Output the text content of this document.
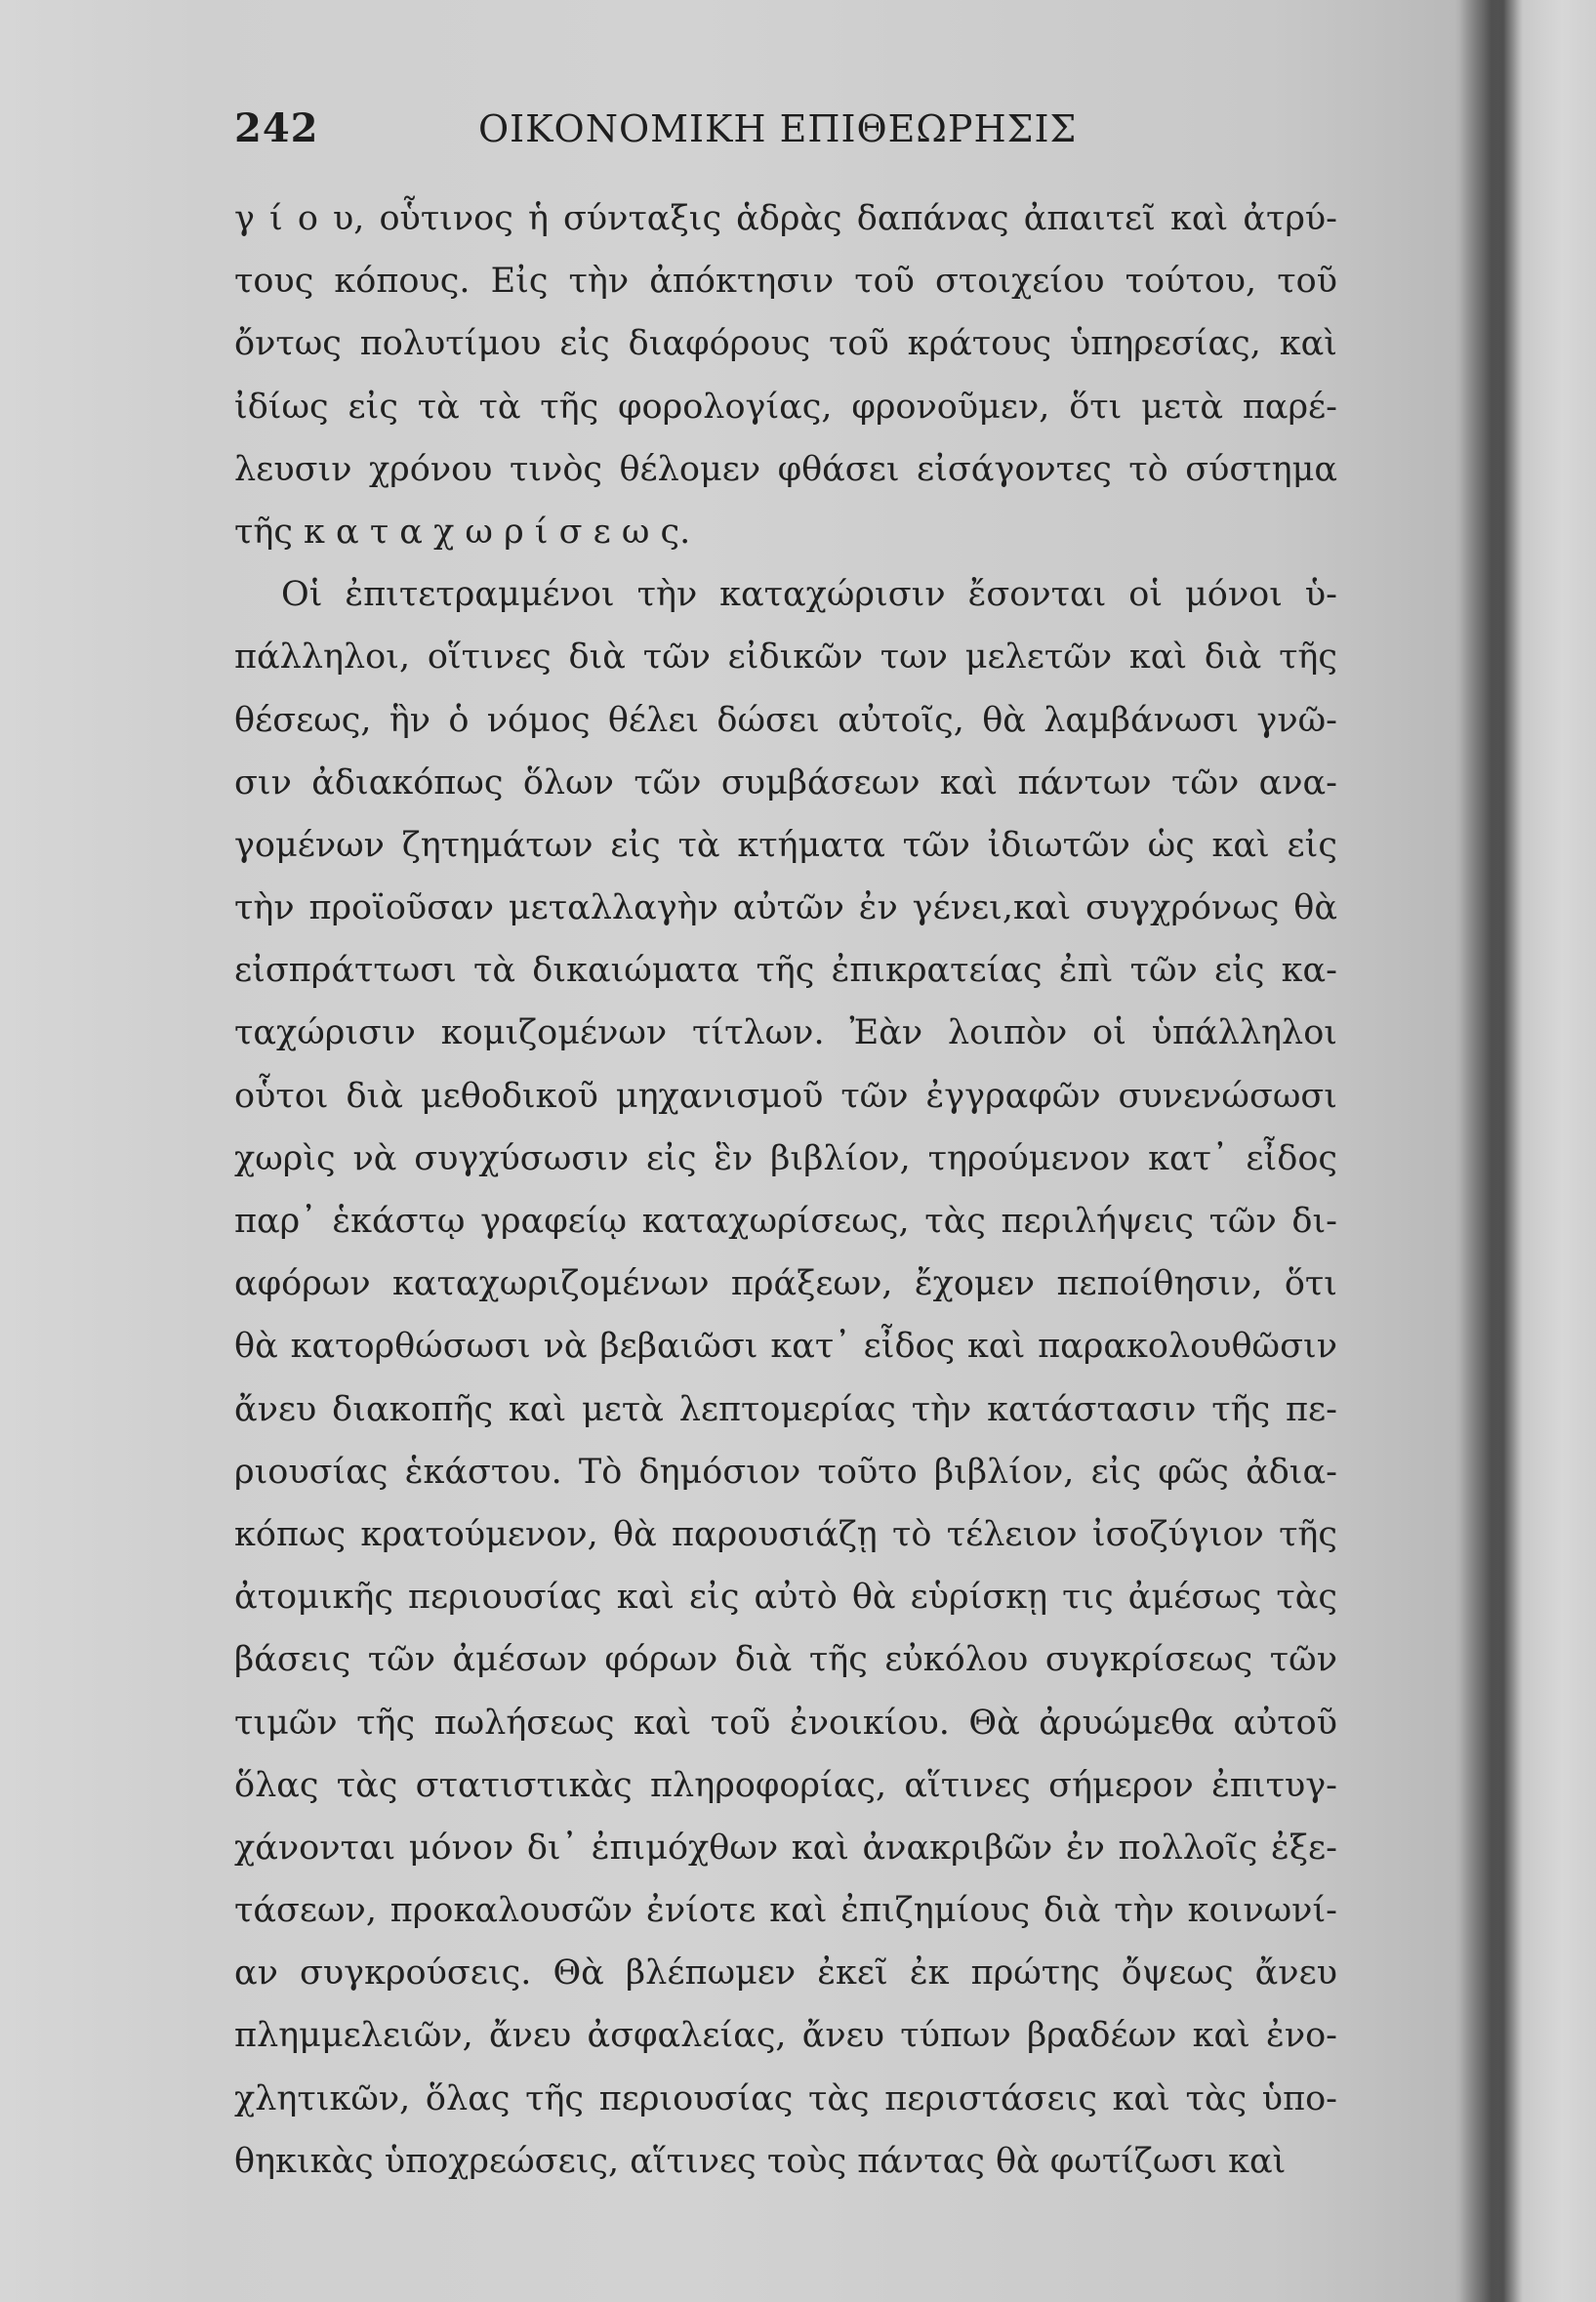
242	ΟΙΚΟΝΟΜΙΚΗ ΕΠΙΘΕΩΡΗΣΙΣ
γ ί ο υ, οὗτινος ἡ σύνταξις ἁδρὰς δαπάνας ἀπαιτεῖ καὶ ἀτρύ-
τους κόπους. Εἰς τὴν ἀπόκτησιν τοῦ στοιχείου τούτου, τοῦ
ὄντως πολυτίμου εἰς διαφόρους τοῦ κράτους ὑπηρεσίας, καὶ
ἰδίως εἰς τὰ τὰ τῆς φορολογίας, φρονοῦμεν, ὅτι μετὰ παρέ-
λευσιν χρόνου τινὸς θέλομεν φθάσει εἰσάγοντες τὸ σύστημα
τῆς κ α τ α χ ω ρ ί σ ε ω ς.
Οἱ ἐπιτετραμμένοι τὴν καταχώρισιν ἔσονται οἱ μόνοι ὑ-
πάλληλοι, οἵτινες διὰ τῶν εἰδικῶν των μελετῶν καὶ διὰ τῆς
θέσεως, ἣν ὁ νόμος θέλει δώσει αὐτοῖς, θὰ λαμβάνωσι γνῶ-
σιν ἀδιακόπως ὅλων τῶν συμβάσεων καὶ πάντων τῶν ανα-
γομένων ζητημάτων εἰς τὰ κτήματα τῶν ἰδιωτῶν ὡς καὶ εἰς
τὴν προϊοῦσαν μεταλλαγὴν αὐτῶν ἐν γένει,καὶ συγχρόνως θὰ
εἰσπράττωσι τὰ δικαιώματα τῆς ἐπικρατείας ἐπὶ τῶν εἰς κα-
ταχώρισιν κομιζομένων τίτλων. Ἐὰν λοιπὸν οἱ ὑπάλληλοι
οὗτοι διὰ μεθοδικοῦ μηχανισμοῦ τῶν ἐγγραφῶν συνενώσωσι
χωρὶς νὰ συγχύσωσιν εἰς ἓν βιβλίον, τηρούμενον κατ᾿ εἶδος
παρ᾿ ἑκάστῳ γραφείῳ καταχωρίσεως, τὰς περιλήψεις τῶν δι-
αφόρων καταχωριζομένων πράξεων, ἔχομεν πεποίθησιν, ὅτι
θὰ κατορθώσωσι νὰ βεβαιῶσι κατ᾿ εἶδος καὶ παρακολουθῶσιν
ἄνευ διακοπῆς καὶ μετὰ λεπτομερίας τὴν κατάστασιν τῆς πε-
ριουσίας ἑκάστου. Τὸ δημόσιον τοῦτο βιβλίον, εἰς φῶς ἀδια-
κόπως κρατούμενον, θὰ παρουσιάζῃ τὸ τέλειον ἰσοζύγιον τῆς
ἀτομικῆς περιουσίας καὶ εἰς αὐτὸ θὰ εὑρίσκῃ τις ἀμέσως τὰς
βάσεις τῶν ἀμέσων φόρων διὰ τῆς εὐκόλου συγκρίσεως τῶν
τιμῶν τῆς πωλήσεως καὶ τοῦ ἐνοικίου. Θὰ ἀρυώμεθα αὐτοῦ
ὅλας τὰς στατιστικὰς πληροφορίας, αἵτινες σήμερον ἐπιτυγ-
χάνονται μόνον δι᾿ ἐπιμόχθων καὶ ἀνακριβῶν ἐν πολλοῖς ἐξε-
τάσεων, προκαλουσῶν ἐνίοτε καὶ ἐπιζημίους διὰ τὴν κοινωνί-
αν συγκρούσεις. Θὰ βλέπωμεν ἐκεῖ ἐκ πρώτης ὄψεως ἄνευ
πλημμελειῶν, ἄνευ ἀσφαλείας, ἄνευ τύπων βραδέων καὶ ἐνο-
χλητικῶν, ὅλας τῆς περιουσίας τὰς περιστάσεις καὶ τὰς ὑπο-
θηκικὰς ὑποχρεώσεις, αἵτινες τοὺς πάντας θὰ φωτίζωσι καὶ
